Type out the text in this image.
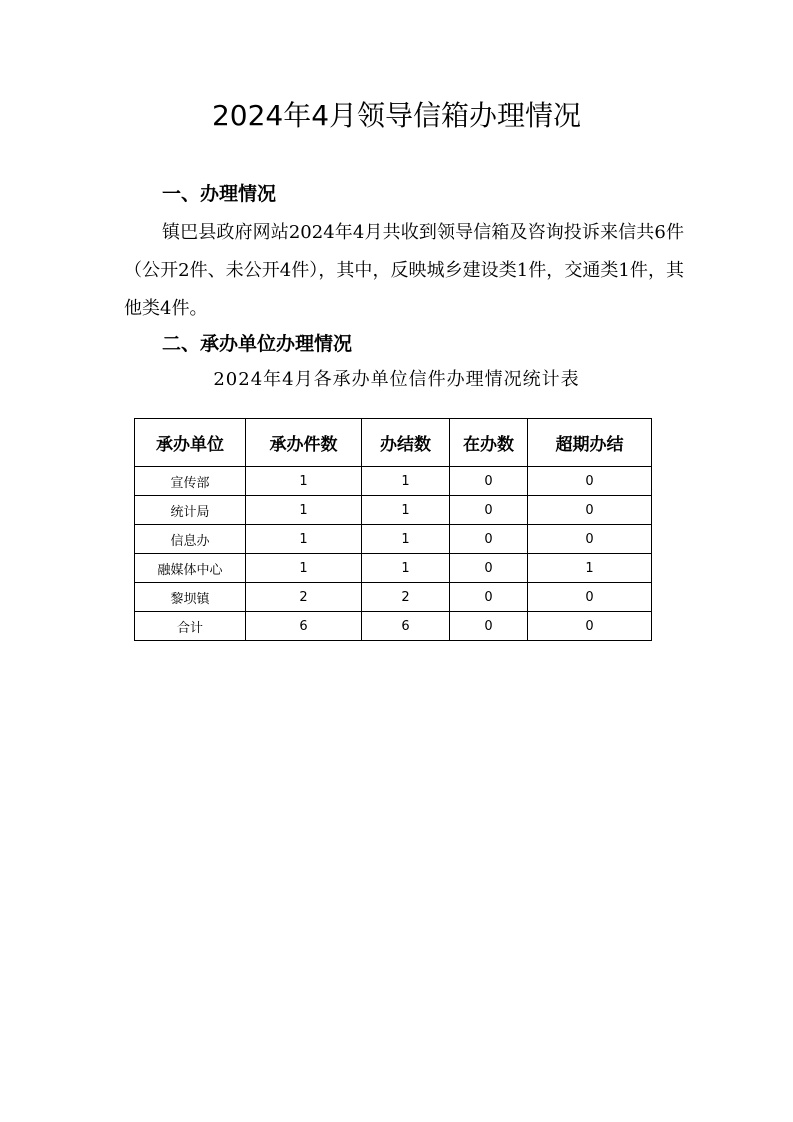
2024年4月领导信箱办理情况
一、办理情况
镇巴县政府网站2024年4月共收到领导信箱及咨询投诉来信共6件（公开2件、未公开4件），其中，反映城乡建设类1件，交通类1件，其他类4件。
二、承办单位办理情况
2024年4月各承办单位信件办理情况统计表
承办单位	承办件数	办结数	在办数	超期办结
宣传部	1	1	0	0
统计局	1	1	0	0
信息办	1	1	0	0
融媒体中心	1	1	0	1
黎坝镇	2	2	0	0
合计	6	6	0	0
